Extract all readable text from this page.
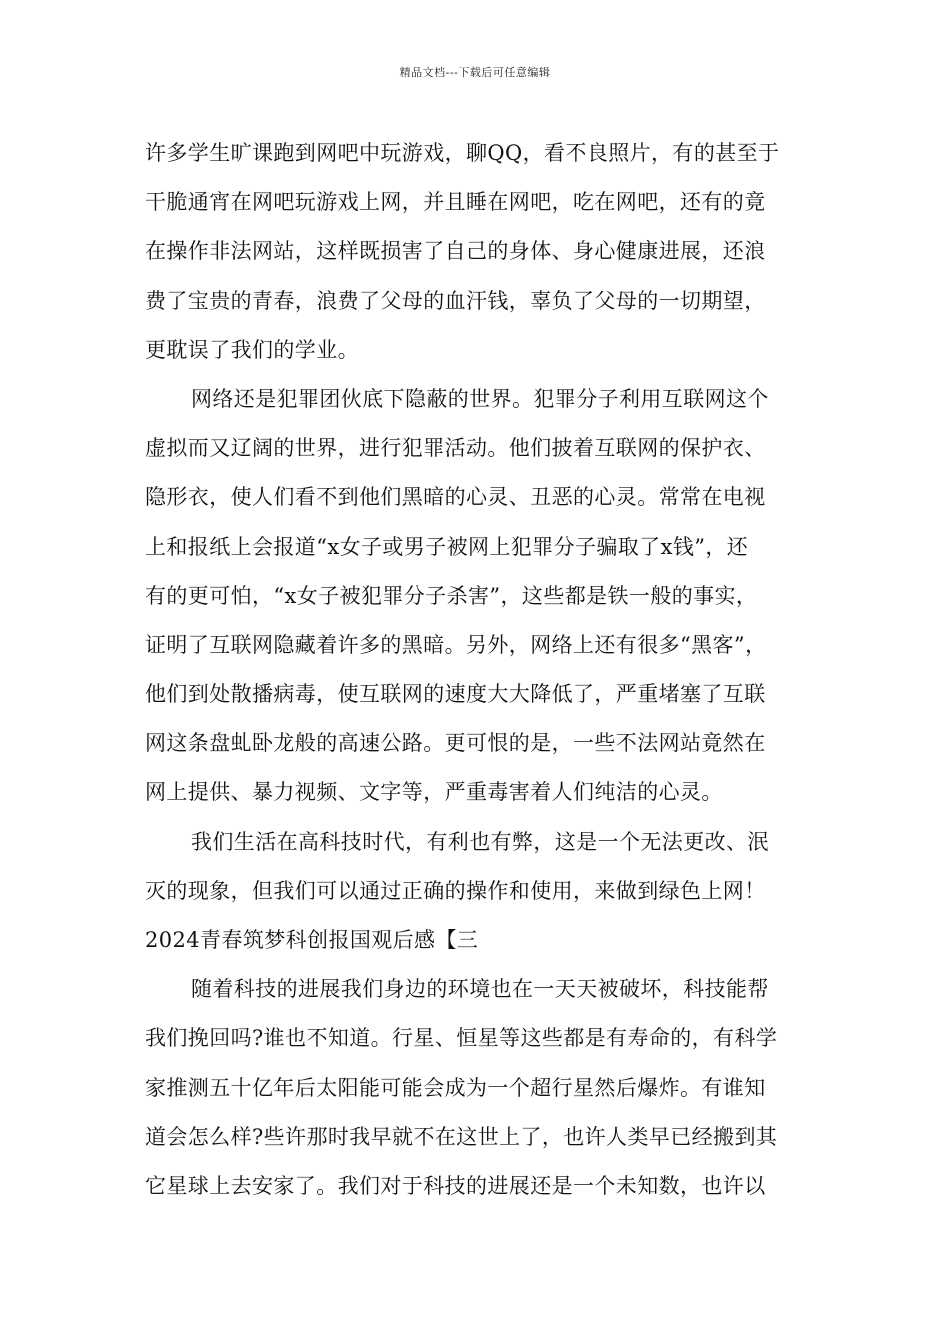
精品文档---下载后可任意编辑
许多学生旷课跑到网吧中玩游戏，聊QQ，看不良照片，有的甚至于
干脆通宵在网吧玩游戏上网，并且睡在网吧，吃在网吧，还有的竟
在操作非法网站，这样既损害了自己的身体、身心健康进展，还浪
费了宝贵的青春，浪费了父母的血汗钱，辜负了父母的一切期望，
更耽误了我们的学业。
网络还是犯罪团伙底下隐蔽的世界。犯罪分子利用互联网这个
虚拟而又辽阔的世界，进行犯罪活动。他们披着互联网的保护衣、
隐形衣，使人们看不到他们黑暗的心灵、丑恶的心灵。常常在电视
上和报纸上会报道“x女子或男子被网上犯罪分子骗取了x钱”，还
有的更可怕，“x女子被犯罪分子杀害”，这些都是铁一般的事实，
证明了互联网隐藏着许多的黑暗。另外，网络上还有很多“黑客”，
他们到处散播病毒，使互联网的速度大大降低了，严重堵塞了互联
网这条盘虬卧龙般的高速公路。更可恨的是，一些不法网站竟然在
网上提供、暴力视频、文字等，严重毒害着人们纯洁的心灵。
我们生活在高科技时代，有利也有弊，这是一个无法更改、泯
灭的现象，但我们可以通过正确的操作和使用，来做到绿色上网！
2024青春筑梦科创报国观后感【三
随着科技的进展我们身边的环境也在一天天被破坏，科技能帮
我们挽回吗?谁也不知道。行星、恒星等这些都是有寿命的，有科学
家推测五十亿年后太阳能可能会成为一个超行星然后爆炸。有谁知
道会怎么样?些许那时我早就不在这世上了，也许人类早已经搬到其
它星球上去安家了。我们对于科技的进展还是一个未知数，也许以
